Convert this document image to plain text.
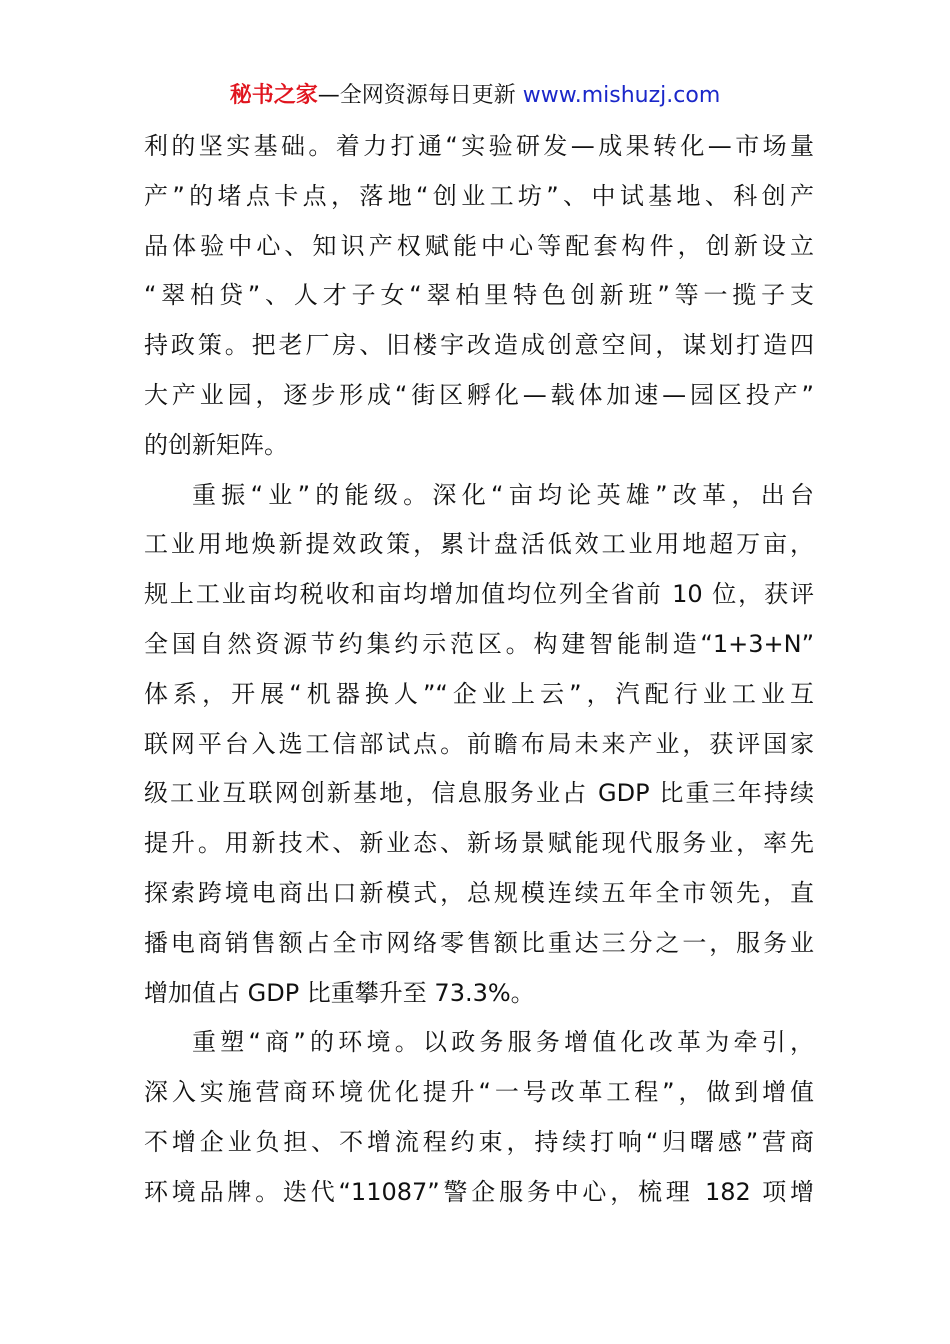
秘书之家—全网资源每日更新 www.mishuzj.com
利的坚实基础。着力打通“实验研发—成果转化—市场量
产”的堵点卡点，落地“创业工坊”、中试基地、科创产
品体验中心、知识产权赋能中心等配套构件，创新设立
“翠柏贷”、人才子女“翠柏里特色创新班”等一揽子支
持政策。把老厂房、旧楼宇改造成创意空间，谋划打造四
大产业园，逐步形成“街区孵化—载体加速—园区投产”
的创新矩阵。
重振“业”的能级。深化“亩均论英雄”改革，出台
工业用地焕新提效政策，累计盘活低效工业用地超万亩，
规上工业亩均税收和亩均增加值均位列全省前 10 位，获评
全国自然资源节约集约示范区。构建智能制造“1+3+N”
体系，开展“机器换人”“企业上云”，汽配行业工业互
联网平台入选工信部试点。前瞻布局未来产业，获评国家
级工业互联网创新基地，信息服务业占 GDP 比重三年持续
提升。用新技术、新业态、新场景赋能现代服务业，率先
探索跨境电商出口新模式，总规模连续五年全市领先，直
播电商销售额占全市网络零售额比重达三分之一，服务业
增加值占 GDP 比重攀升至 73.3%。
重塑“商”的环境。以政务服务增值化改革为牵引，
深入实施营商环境优化提升“一号改革工程”，做到增值
不增企业负担、不增流程约束，持续打响“归曙感”营商
环境品牌。迭代“11087”警企服务中心，梳理 182 项增
